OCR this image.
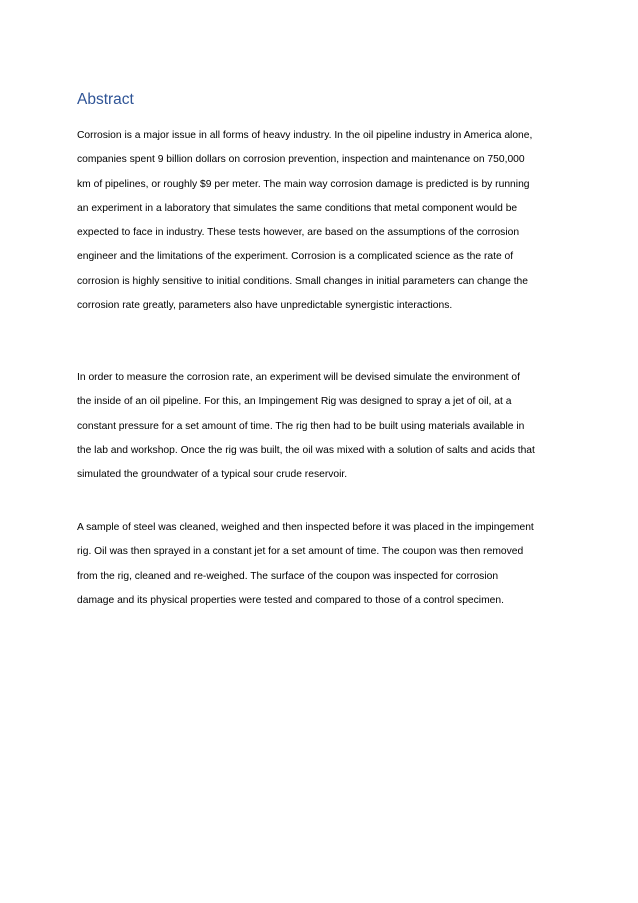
Abstract

Corrosion is a major issue in all forms of heavy industry. In the oil pipeline industry in America alone,
companies spent 9 billion dollars on corrosion prevention, inspection and maintenance on 750,000
km of pipelines, or roughly $9 per meter. The main way corrosion damage is predicted is by running
an experiment in a laboratory that simulates the same conditions that metal component would be
expected to face in industry. These tests however, are based on the assumptions of the corrosion
engineer and the limitations of the experiment. Corrosion is a complicated science as the rate of
corrosion is highly sensitive to initial conditions. Small changes in initial parameters can change the
corrosion rate greatly, parameters also have unpredictable synergistic interactions.

In order to measure the corrosion rate, an experiment will be devised simulate the environment of
the inside of an oil pipeline. For this, an Impingement Rig was designed to spray a jet of oil, at a
constant pressure for a set amount of time. The rig then had to be built using materials available in
the lab and workshop. Once the rig was built, the oil was mixed with a solution of salts and acids that
simulated the groundwater of a typical sour crude reservoir.

A sample of steel was cleaned, weighed and then inspected before it was placed in the impingement
rig. Oil was then sprayed in a constant jet for a set amount of time. The coupon was then removed
from the rig, cleaned and re-weighed. The surface of the coupon was inspected for corrosion
damage and its physical properties were tested and compared to those of a control specimen.
